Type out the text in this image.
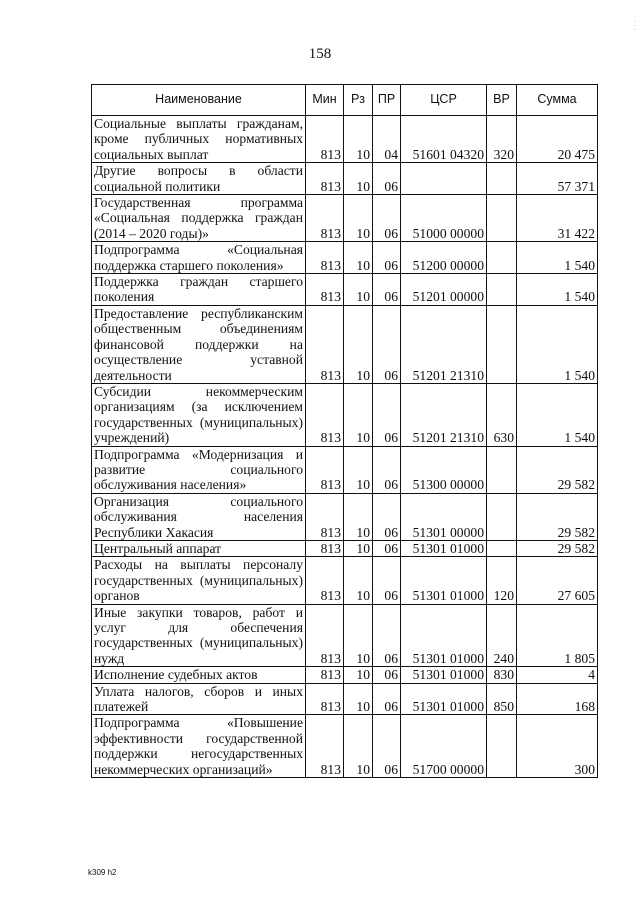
158
Наименование	Мин	Рз	ПР	ЦСР	ВР	Сумма
Социальные выплаты гражданам, кроме публичных нормативных социальных выплат	813	10	04	51601 04320	320	20 475
Другие вопросы в области социальной политики	813	10	06			57 371
Государственная программа «Социальная поддержка граждан (2014 – 2020 годы)»	813	10	06	51000 00000		31 422
Подпрограмма «Социальная поддержка старшего поколения»	813	10	06	51200 00000		1 540
Поддержка граждан старшего поколения	813	10	06	51201 00000		1 540
Предоставление республиканским общественным объединениям финансовой поддержки на осуществление уставной деятельности	813	10	06	51201 21310		1 540
Субсидии некоммерческим организациям (за исключением государственных (муниципальных) учреждений)	813	10	06	51201 21310	630	1 540
Подпрограмма «Модернизация и развитие социального обслуживания населения»	813	10	06	51300 00000		29 582
Организация социального обслуживания населения Республики Хакасия	813	10	06	51301 00000		29 582
Центральный аппарат	813	10	06	51301 01000		29 582
Расходы на выплаты персоналу государственных (муниципальных) органов	813	10	06	51301 01000	120	27 605
Иные закупки товаров, работ и услуг для обеспечения государственных (муниципальных) нужд	813	10	06	51301 01000	240	1 805
Исполнение судебных актов	813	10	06	51301 01000	830	4
Уплата налогов, сборов и иных платежей	813	10	06	51301 01000	850	168
Подпрограмма «Повышение эффективности государственной поддержки негосударственных некоммерческих организаций»	813	10	06	51700 00000		300
k309 h2
· · ·
